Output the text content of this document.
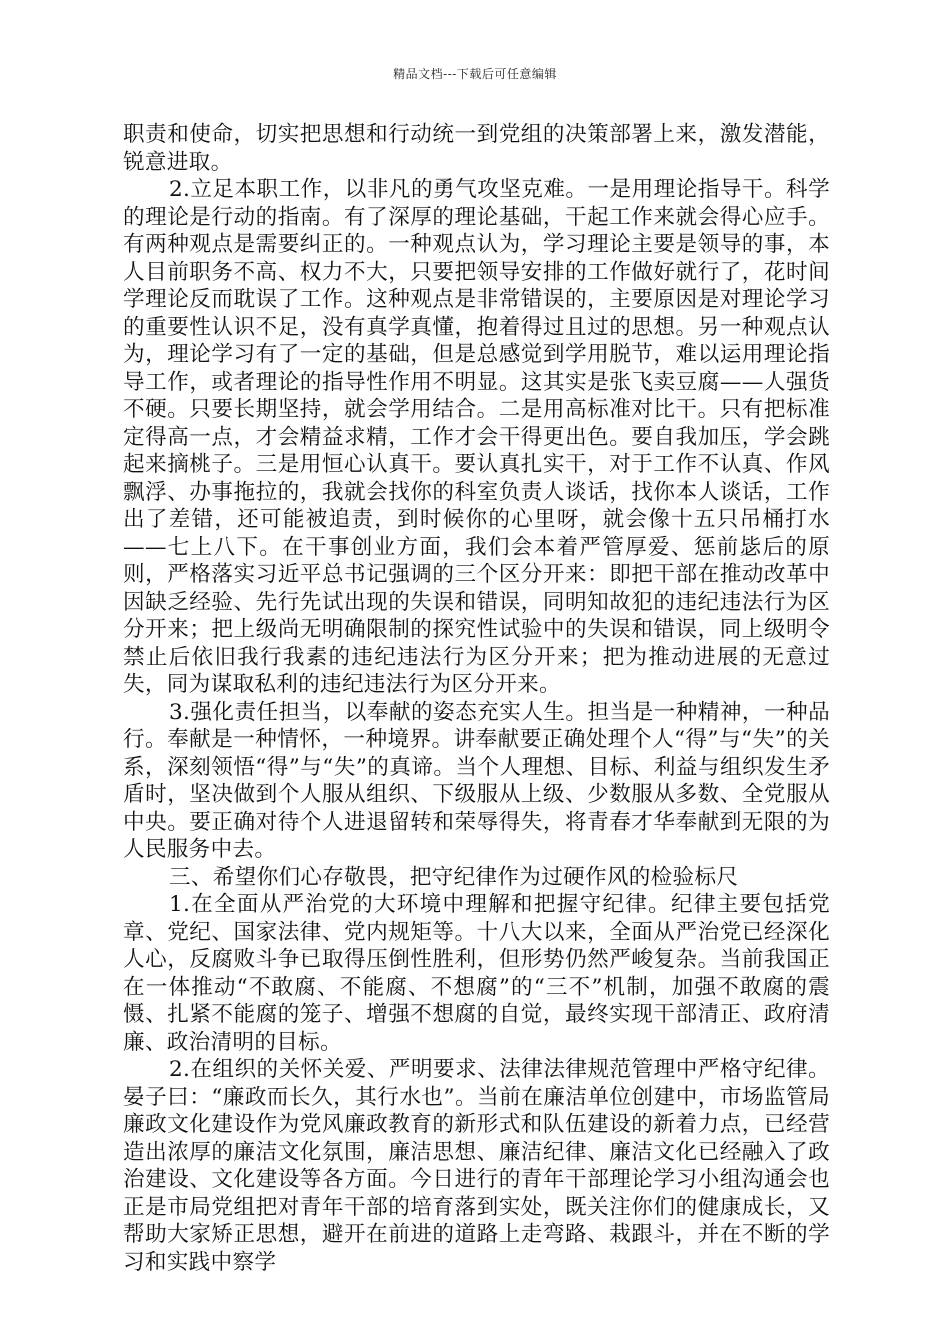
精品文档---下载后可任意编辑

职责和使命，切实把思想和行动统一到党组的决策部署上来，激发潜能，锐意进取。

2.立足本职工作，以非凡的勇气攻坚克难。一是用理论指导干。科学的理论是行动的指南。有了深厚的理论基础，干起工作来就会得心应手。有两种观点是需要纠正的。一种观点认为，学习理论主要是领导的事，本人目前职务不高、权力不大，只要把领导安排的工作做好就行了，花时间学理论反而耽误了工作。这种观点是非常错误的，主要原因是对理论学习的重要性认识不足，没有真学真懂，抱着得过且过的思想。另一种观点认为，理论学习有了一定的基础，但是总感觉到学用脱节，难以运用理论指导工作，或者理论的指导性作用不明显。这其实是张飞卖豆腐——人强货不硬。只要长期坚持，就会学用结合。二是用高标准对比干。只有把标准定得高一点，才会精益求精，工作才会干得更出色。要自我加压，学会跳起来摘桃子。三是用恒心认真干。要认真扎实干，对于工作不认真、作风飘浮、办事拖拉的，我就会找你的科室负责人谈话，找你本人谈话，工作出了差错，还可能被追责，到时候你的心里呀，就会像十五只吊桶打水——七上八下。在干事创业方面，我们会本着严管厚爱、惩前毖后的原则，严格落实习近平总书记强调的三个区分开来：即把干部在推动改革中因缺乏经验、先行先试出现的失误和错误，同明知故犯的违纪违法行为区分开来；把上级尚无明确限制的探究性试验中的失误和错误，同上级明令禁止后依旧我行我素的违纪违法行为区分开来；把为推动进展的无意过失，同为谋取私利的违纪违法行为区分开来。

3.强化责任担当，以奉献的姿态充实人生。担当是一种精神，一种品行。奉献是一种情怀，一种境界。讲奉献要正确处理个人“得”与“失”的关系，深刻领悟“得”与“失”的真谛。当个人理想、目标、利益与组织发生矛盾时，坚决做到个人服从组织、下级服从上级、少数服从多数、全党服从中央。要正确对待个人进退留转和荣辱得失，将青春才华奉献到无限的为人民服务中去。

三、希望你们心存敬畏，把守纪律作为过硬作风的检验标尺

1.在全面从严治党的大环境中理解和把握守纪律。纪律主要包括党章、党纪、国家法律、党内规矩等。十八大以来，全面从严治党已经深化人心，反腐败斗争已取得压倒性胜利，但形势仍然严峻复杂。当前我国正在一体推动“不敢腐、不能腐、不想腐”的“三不”机制，加强不敢腐的震慑、扎紧不能腐的笼子、增强不想腐的自觉，最终实现干部清正、政府清廉、政治清明的目标。

2.在组织的关怀关爱、严明要求、法律法律规范管理中严格守纪律。晏子曰：“廉政而长久，其行水也”。当前在廉洁单位创建中，市场监管局廉政文化建设作为党风廉政教育的新形式和队伍建设的新着力点，已经营造出浓厚的廉洁文化氛围，廉洁思想、廉洁纪律、廉洁文化已经融入了政治建设、文化建设等各方面。今日进行的青年干部理论学习小组沟通会也正是市局党组把对青年干部的培育落到实处，既关注你们的健康成长，又帮助大家矫正思想，避开在前进的道路上走弯路、栽跟斗，并在不断的学习和实践中察学
